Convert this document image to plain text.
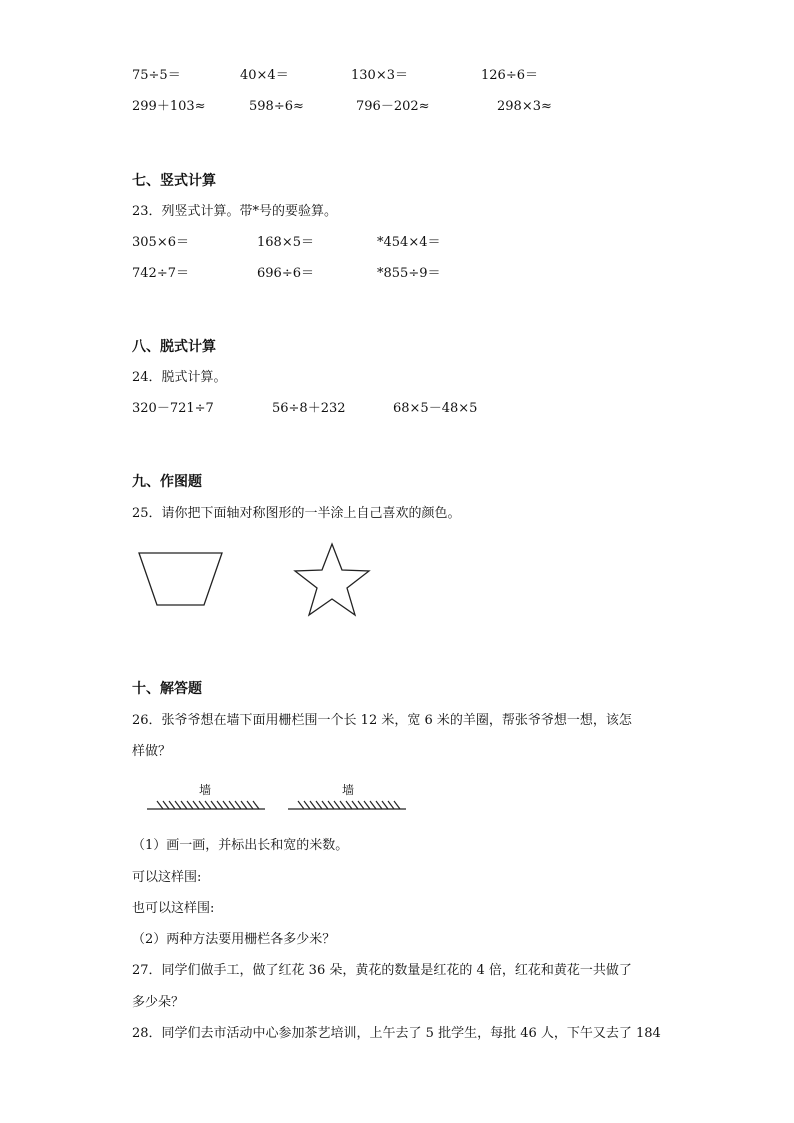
75÷5＝	40×4＝	130×3＝	126÷6＝
299＋103≈	598÷6≈	796－202≈	298×3≈
七、竖式计算
23．列竖式计算。带*号的要验算。
305×6＝	168×5＝	*454×4＝
742÷7＝	696÷6＝	*855÷9＝
八、脱式计算
24．脱式计算。
320－721÷7	56÷8＋232	68×5－48×5
九、作图题
25．请你把下面轴对称图形的一半涂上自己喜欢的颜色。
十、解答题
26．张爷爷想在墙下面用栅栏围一个长 12 米，宽 6 米的羊圈，帮张爷爷想一想，该怎
样做？
墙	墙
（1）画一画，并标出长和宽的米数。
可以这样围:
也可以这样围:
（2）两种方法要用栅栏各多少米？
27．同学们做手工，做了红花 36 朵，黄花的数量是红花的 4 倍，红花和黄花一共做了
多少朵？
28．同学们去市活动中心参加茶艺培训，上午去了 5 批学生，每批 46 人，下午又去了 184
